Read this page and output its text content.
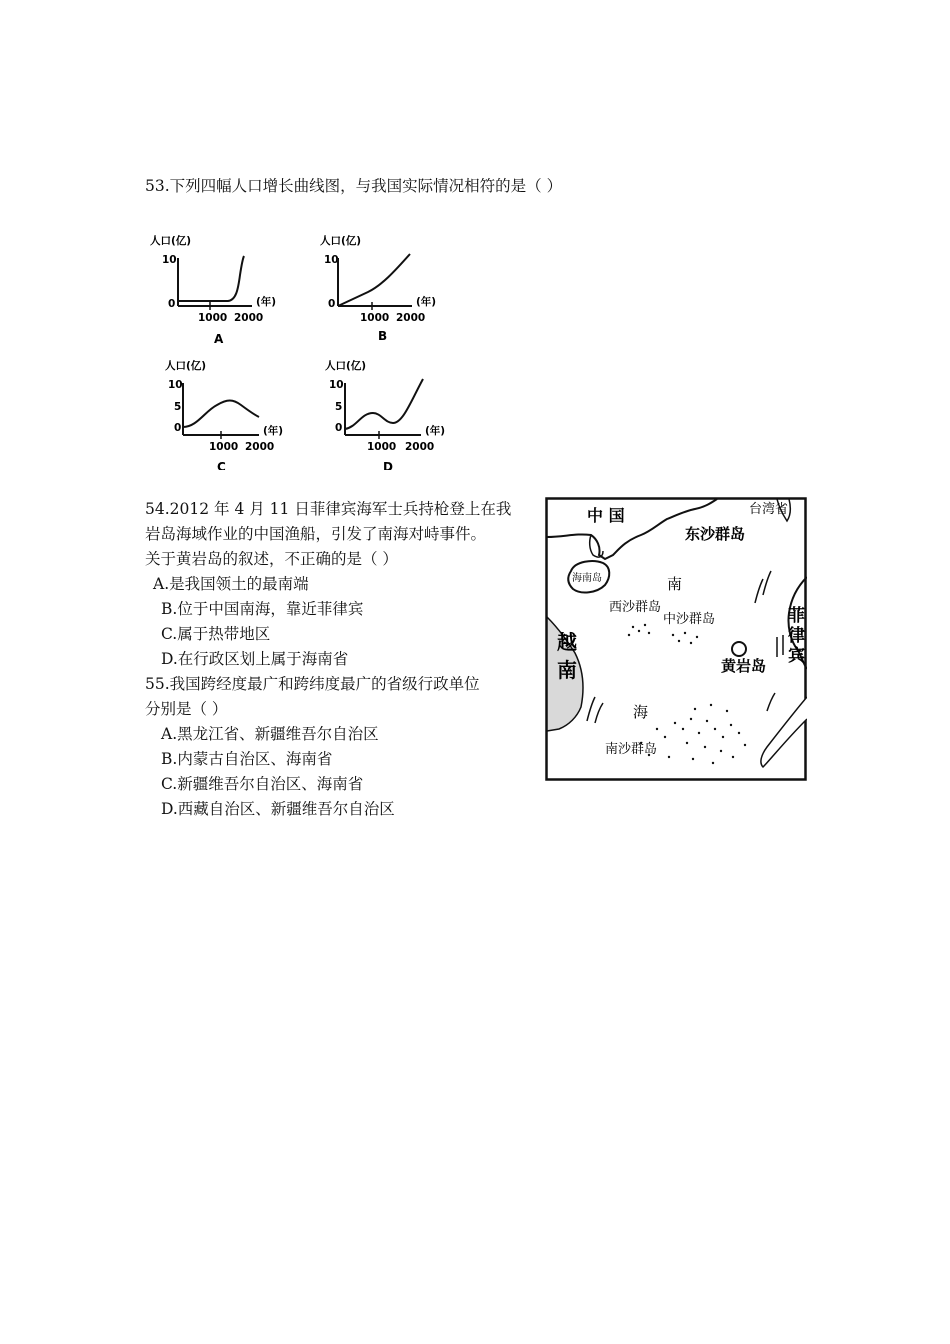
53.下列四幅人口增长曲线图，与我国实际情况相符的是（ ）
人口(亿)
10
0
1000 2000
(年)
A
人口(亿)
10
0
1000 2000
(年)
B
人口(亿)
10
5
0
1000 2000
(年)
C
人口(亿)
10
5
0
1000 2000
(年)
D
54.2012 年 4 月 11 日菲律宾海军士兵持枪登上在我
岩岛海域作业的中国渔船，引发了南海对峙事件。
关于黄岩岛的叙述，不正确的是（ ）
A.是我国领土的最南端
B.位于中国南海，靠近菲律宾
C.属于热带地区
D.在行政区划上属于海南省
55.我国跨经度最广和跨纬度最广的省级行政单位
分别是（ ）
A.黑龙江省、新疆维吾尔自治区
B.内蒙古自治区、海南省
C.新疆维吾尔自治区、海南省
D.西藏自治区、新疆维吾尔自治区
中 国	台湾省
东沙群岛
海南岛	南
西沙群岛
中沙群岛
黄岩岛
海
南沙群岛
越
南
菲
律
宾
